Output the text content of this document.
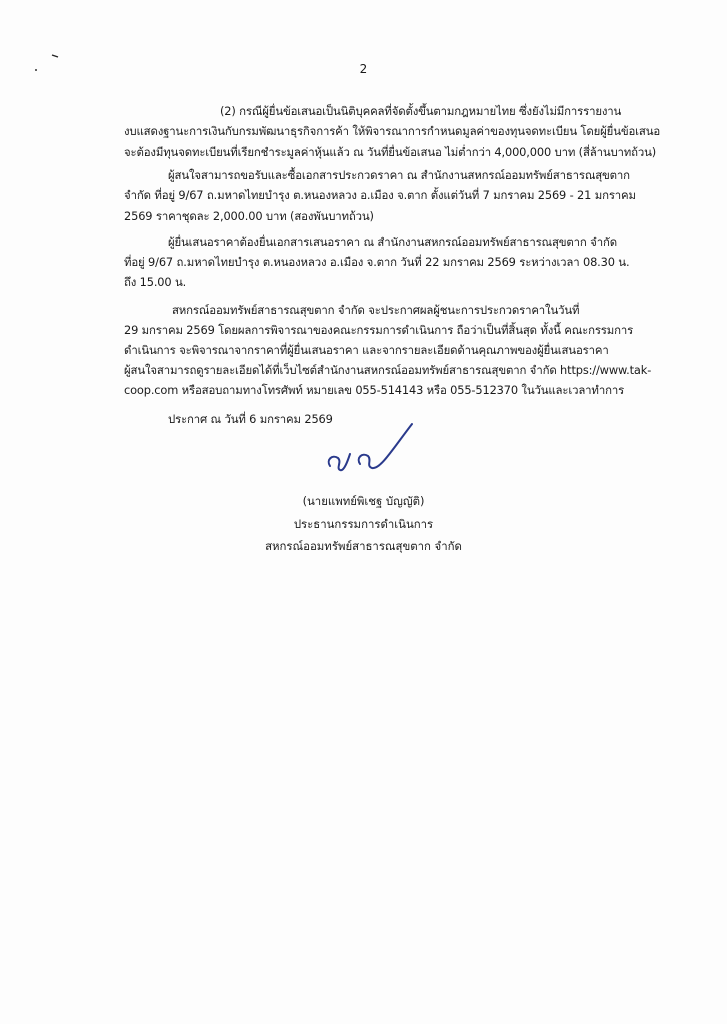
2
(2) กรณีผู้ยื่นข้อเสนอเป็นนิติบุคคลที่จัดตั้งขึ้นตามกฎหมายไทย ซึ่งยังไม่มีการรายงาน
งบแสดงฐานะการเงินกับกรมพัฒนาธุรกิจการค้า ให้พิจารณาการกำหนดมูลค่าของทุนจดทะเบียน โดยผู้ยื่นข้อเสนอ
จะต้องมีทุนจดทะเบียนที่เรียกชำระมูลค่าหุ้นแล้ว ณ วันที่ยื่นข้อเสนอ ไม่ต่ำกว่า 4,000,000 บาท (สี่ล้านบาทถ้วน)
ผู้สนใจสามารถขอรับและซื้อเอกสารประกวดราคา ณ สำนักงานสหกรณ์ออมทรัพย์สาธารณสุขตาก
จำกัด ที่อยู่ 9/67 ถ.มหาดไทยบำรุง ต.หนองหลวง อ.เมือง จ.ตาก ตั้งแต่วันที่ 7 มกราคม 2569 - 21 มกราคม
2569 ราคาชุดละ 2,000.00 บาท (สองพันบาทถ้วน)
ผู้ยื่นเสนอราคาต้องยื่นเอกสารเสนอราคา ณ สำนักงานสหกรณ์ออมทรัพย์สาธารณสุขตาก จำกัด
ที่อยู่ 9/67 ถ.มหาดไทยบำรุง ต.หนองหลวง อ.เมือง จ.ตาก วันที่ 22 มกราคม 2569 ระหว่างเวลา 08.30 น.
ถึง 15.00 น.
สหกรณ์ออมทรัพย์สาธารณสุขตาก จำกัด จะประกาศผลผู้ชนะการประกวดราคาในวันที่
29 มกราคม 2569 โดยผลการพิจารณาของคณะกรรมการดำเนินการ ถือว่าเป็นที่สิ้นสุด ทั้งนี้ คณะกรรมการ
ดำเนินการ จะพิจารณาจากราคาที่ผู้ยื่นเสนอราคา และจากรายละเอียดด้านคุณภาพของผู้ยื่นเสนอราคา
ผู้สนใจสามารถดูรายละเอียดได้ที่เว็บไซต์สำนักงานสหกรณ์ออมทรัพย์สาธารณสุขตาก จำกัด https://www.tak-
coop.com หรือสอบถามทางโทรศัพท์ หมายเลข 055-514143 หรือ 055-512370 ในวันและเวลาทำการ
ประกาศ ณ วันที่ 6 มกราคม 2569
(นายแพทย์พิเชฐ บัญญัติ)
ประธานกรรมการดำเนินการ
สหกรณ์ออมทรัพย์สาธารณสุขตาก จำกัด
